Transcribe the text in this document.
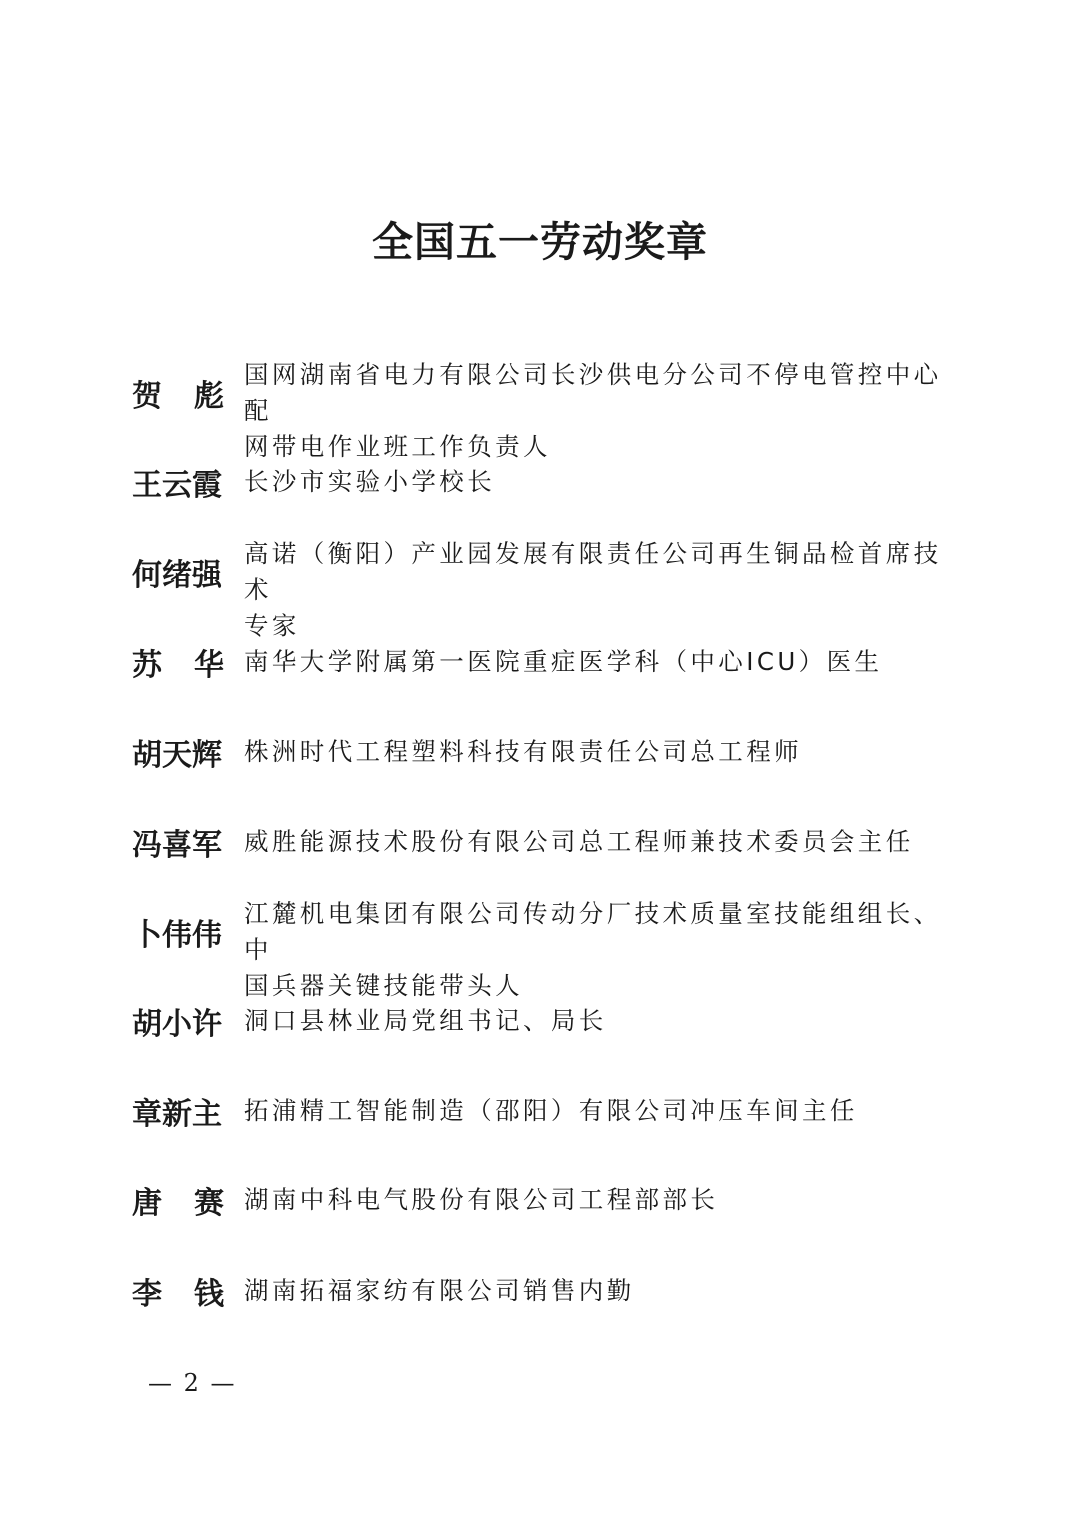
全国五一劳动奖章
贺 彪
国网湖南省电力有限公司长沙供电分公司不停电管控中心配
网带电作业班工作负责人
王云霞 长沙市实验小学校长
何绪强
高诺（衡阳）产业园发展有限责任公司再生铜品检首席技术
专家
苏 华 南华大学附属第一医院重症医学科（中心ICU）医生
胡天辉 株洲时代工程塑料科技有限责任公司总工程师
冯喜军 威胜能源技术股份有限公司总工程师兼技术委员会主任
卜伟伟
江麓机电集团有限公司传动分厂技术质量室技能组组长、中
国兵器关键技能带头人
胡小许 洞口县林业局党组书记、局长
章新主 拓浦精工智能制造（邵阳）有限公司冲压车间主任
唐 赛 湖南中科电气股份有限公司工程部部长
李 钱 湖南拓福家纺有限公司销售内勤
— 2 —
